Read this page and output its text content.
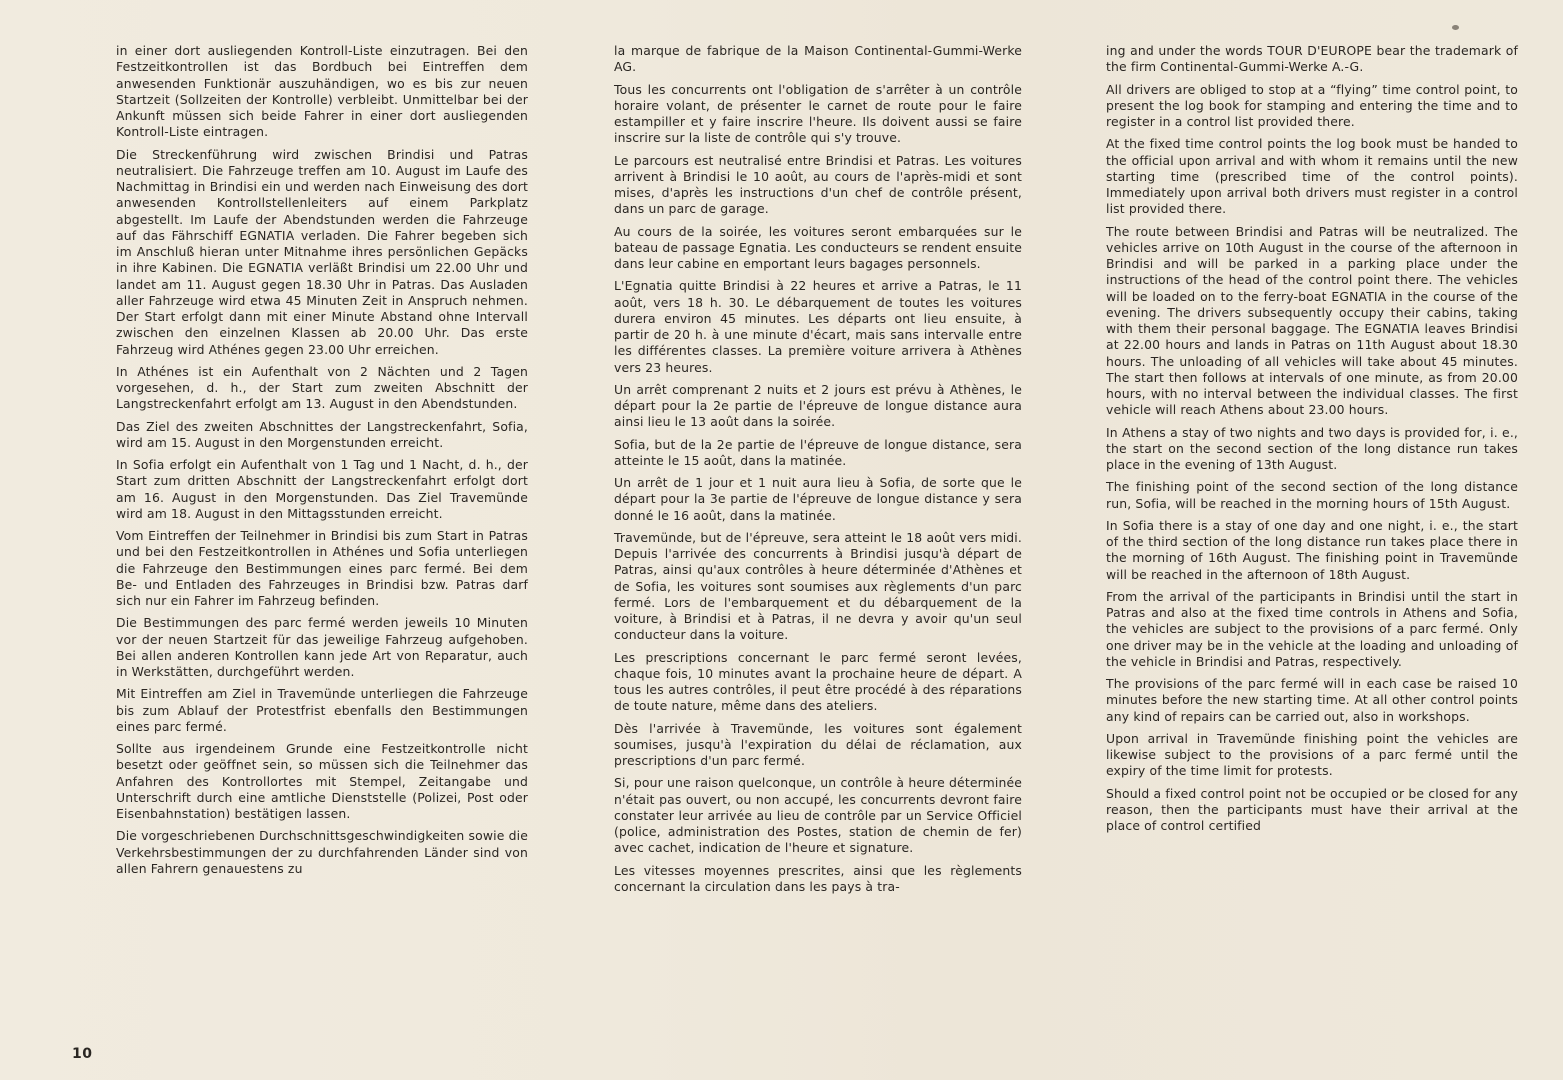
in einer dort ausliegenden Kontroll-Liste einzutragen. Bei den Festzeitkontrollen ist das Bordbuch bei Eintreffen dem anwesenden Funktionär auszuhändigen, wo es bis zur neuen Startzeit (Sollzeiten der Kontrolle) verbleibt. Unmittelbar bei der Ankunft müssen sich beide Fahrer in einer dort ausliegenden Kontroll-Liste eintragen.

Die Streckenführung wird zwischen Brindisi und Patras neutralisiert. Die Fahrzeuge treffen am 10. August im Laufe des Nachmittag in Brindisi ein und werden nach Einweisung des dort anwesenden Kontrollstellenleiters auf einem Parkplatz abgestellt. Im Laufe der Abendstunden werden die Fahrzeuge auf das Fährschiff EGNATIA verladen. Die Fahrer begeben sich im Anschluß hieran unter Mitnahme ihres persönlichen Gepäcks in ihre Kabinen. Die EGNATIA verläßt Brindisi um 22.00 Uhr und landet am 11. August gegen 18.30 Uhr in Patras. Das Ausladen aller Fahrzeuge wird etwa 45 Minuten Zeit in Anspruch nehmen. Der Start erfolgt dann mit einer Minute Abstand ohne Intervall zwischen den einzelnen Klassen ab 20.00 Uhr. Das erste Fahrzeug wird Athénes gegen 23.00 Uhr erreichen.

In Athénes ist ein Aufenthalt von 2 Nächten und 2 Tagen vorgesehen, d. h., der Start zum zweiten Abschnitt der Langstreckenfahrt erfolgt am 13. August in den Abendstunden.

Das Ziel des zweiten Abschnittes der Langstreckenfahrt, Sofia, wird am 15. August in den Morgenstunden erreicht.

In Sofia erfolgt ein Aufenthalt von 1 Tag und 1 Nacht, d. h., der Start zum dritten Abschnitt der Langstreckenfahrt erfolgt dort am 16. August in den Morgenstunden. Das Ziel Travemünde wird am 18. August in den Mittagsstunden erreicht.

Vom Eintreffen der Teilnehmer in Brindisi bis zum Start in Patras und bei den Festzeitkontrollen in Athénes und Sofia unterliegen die Fahrzeuge den Bestimmungen eines parc fermé. Bei dem Be- und Entladen des Fahrzeuges in Brindisi bzw. Patras darf sich nur ein Fahrer im Fahrzeug befinden.

Die Bestimmungen des parc fermé werden jeweils 10 Minuten vor der neuen Startzeit für das jeweilige Fahrzeug aufgehoben. Bei allen anderen Kontrollen kann jede Art von Reparatur, auch in Werkstätten, durchgeführt werden.

Mit Eintreffen am Ziel in Travemünde unterliegen die Fahrzeuge bis zum Ablauf der Protestfrist ebenfalls den Bestimmungen eines parc fermé.

Sollte aus irgendeinem Grunde eine Festzeitkontrolle nicht besetzt oder geöffnet sein, so müssen sich die Teilnehmer das Anfahren des Kontrollortes mit Stempel, Zeitangabe und Unterschrift durch eine amtliche Dienststelle (Polizei, Post oder Eisenbahnstation) bestätigen lassen.

Die vorgeschriebenen Durchschnittsgeschwindigkeiten sowie die Verkehrsbestimmungen der zu durchfahrenden Länder sind von allen Fahrern genauestens zu

la marque de fabrique de la Maison Continental-Gummi-Werke AG.

Tous les concurrents ont l'obligation de s'arrêter à un contrôle horaire volant, de présenter le carnet de route pour le faire estampiller et y faire inscrire l'heure. Ils doivent aussi se faire inscrire sur la liste de contrôle qui s'y trouve.

Le parcours est neutralisé entre Brindisi et Patras. Les voitures arrivent à Brindisi le 10 août, au cours de l'après-midi et sont mises, d'après les instructions d'un chef de contrôle présent, dans un parc de garage.

Au cours de la soirée, les voitures seront embarquées sur le bateau de passage Egnatia. Les conducteurs se rendent ensuite dans leur cabine en emportant leurs bagages personnels.

L'Egnatia quitte Brindisi à 22 heures et arrive a Patras, le 11 août, vers 18 h. 30. Le débarquement de toutes les voitures durera environ 45 minutes. Les départs ont lieu ensuite, à partir de 20 h. à une minute d'écart, mais sans intervalle entre les différentes classes. La première voiture arrivera à Athènes vers 23 heures.

Un arrêt comprenant 2 nuits et 2 jours est prévu à Athènes, le départ pour la 2e partie de l'épreuve de longue distance aura ainsi lieu le 13 août dans la soirée.

Sofia, but de la 2e partie de l'épreuve de longue distance, sera atteinte le 15 août, dans la matinée.

Un arrêt de 1 jour et 1 nuit aura lieu à Sofia, de sorte que le départ pour la 3e partie de l'épreuve de longue distance y sera donné le 16 août, dans la matinée.

Travemünde, but de l'épreuve, sera atteint le 18 août vers midi. Depuis l'arrivée des concurrents à Brindisi jusqu'à départ de Patras, ainsi qu'aux contrôles à heure déterminée d'Athènes et de Sofia, les voitures sont soumises aux règlements d'un parc fermé. Lors de l'embarquement et du débarquement de la voiture, à Brindisi et à Patras, il ne devra y avoir qu'un seul conducteur dans la voiture.

Les prescriptions concernant le parc fermé seront levées, chaque fois, 10 minutes avant la prochaine heure de départ. A tous les autres contrôles, il peut être procédé à des réparations de toute nature, même dans des ateliers.

Dès l'arrivée à Travemünde, les voitures sont également soumises, jusqu'à l'expiration du délai de réclamation, aux prescriptions d'un parc fermé.

Si, pour une raison quelconque, un contrôle à heure déterminée n'était pas ouvert, ou non accupé, les concurrents devront faire constater leur arrivée au lieu de contrôle par un Service Officiel (police, administration des Postes, station de chemin de fer) avec cachet, indication de l'heure et signature.

Les vitesses moyennes prescrites, ainsi que les règlements concernant la circulation dans les pays à tra-

ing and under the words TOUR D'EUROPE bear the trademark of the firm Continental-Gummi-Werke A.-G.

All drivers are obliged to stop at a “flying” time control point, to present the log book for stamping and entering the time and to register in a control list provided there.

At the fixed time control points the log book must be handed to the official upon arrival and with whom it remains until the new starting time (prescribed time of the control points). Immediately upon arrival both drivers must register in a control list provided there.

The route between Brindisi and Patras will be neutralized. The vehicles arrive on 10th August in the course of the afternoon in Brindisi and will be parked in a parking place under the instructions of the head of the control point there. The vehicles will be loaded on to the ferry-boat EGNATIA in the course of the evening. The drivers subsequently occupy their cabins, taking with them their personal baggage. The EGNATIA leaves Brindisi at 22.00 hours and lands in Patras on 11th August about 18.30 hours. The unloading of all vehicles will take about 45 minutes. The start then follows at intervals of one minute, as from 20.00 hours, with no interval between the individual classes. The first vehicle will reach Athens about 23.00 hours.

In Athens a stay of two nights and two days is provided for, i. e., the start on the second section of the long distance run takes place in the evening of 13th August.

The finishing point of the second section of the long distance run, Sofia, will be reached in the morning hours of 15th August.

In Sofia there is a stay of one day and one night, i. e., the start of the third section of the long distance run takes place there in the morning of 16th August. The finishing point in Travemünde will be reached in the afternoon of 18th August.

From the arrival of the participants in Brindisi until the start in Patras and also at the fixed time controls in Athens and Sofia, the vehicles are subject to the provisions of a parc fermé. Only one driver may be in the vehicle at the loading and unloading of the vehicle in Brindisi and Patras, respectively.

The provisions of the parc fermé will in each case be raised 10 minutes before the new starting time. At all other control points any kind of repairs can be carried out, also in workshops.

Upon arrival in Travemünde finishing point the vehicles are likewise subject to the provisions of a parc fermé until the expiry of the time limit for protests.

Should a fixed control point not be occupied or be closed for any reason, then the participants must have their arrival at the place of control certified

10
